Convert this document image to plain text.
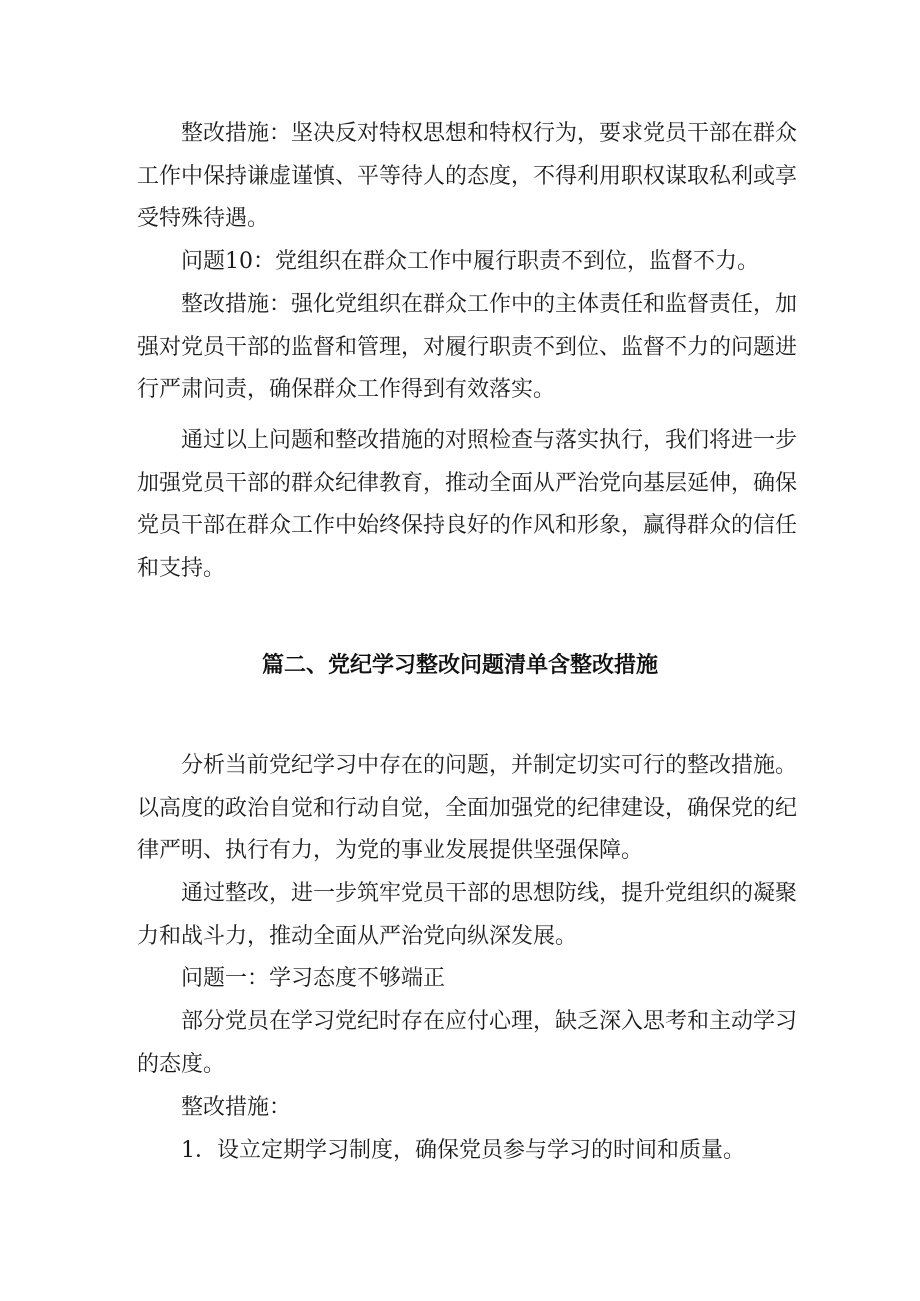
整改措施：坚决反对特权思想和特权行为，要求党员干部在群众工作中保持谦虚谨慎、平等待人的态度，不得利用职权谋取私利或享受特殊待遇。

问题10：党组织在群众工作中履行职责不到位，监督不力。

整改措施：强化党组织在群众工作中的主体责任和监督责任，加强对党员干部的监督和管理，对履行职责不到位、监督不力的问题进行严肃问责，确保群众工作得到有效落实。

通过以上问题和整改措施的对照检查与落实执行，我们将进一步加强党员干部的群众纪律教育，推动全面从严治党向基层延伸，确保党员干部在群众工作中始终保持良好的作风和形象，赢得群众的信任和支持。

篇二、党纪学习整改问题清单含整改措施

分析当前党纪学习中存在的问题，并制定切实可行的整改措施。以高度的政治自觉和行动自觉，全面加强党的纪律建设，确保党的纪律严明、执行有力，为党的事业发展提供坚强保障。

通过整改，进一步筑牢党员干部的思想防线，提升党组织的凝聚力和战斗力，推动全面从严治党向纵深发展。

问题一：学习态度不够端正

部分党员在学习党纪时存在应付心理，缺乏深入思考和主动学习的态度。

整改措施：

1．设立定期学习制度，确保党员参与学习的时间和质量。
